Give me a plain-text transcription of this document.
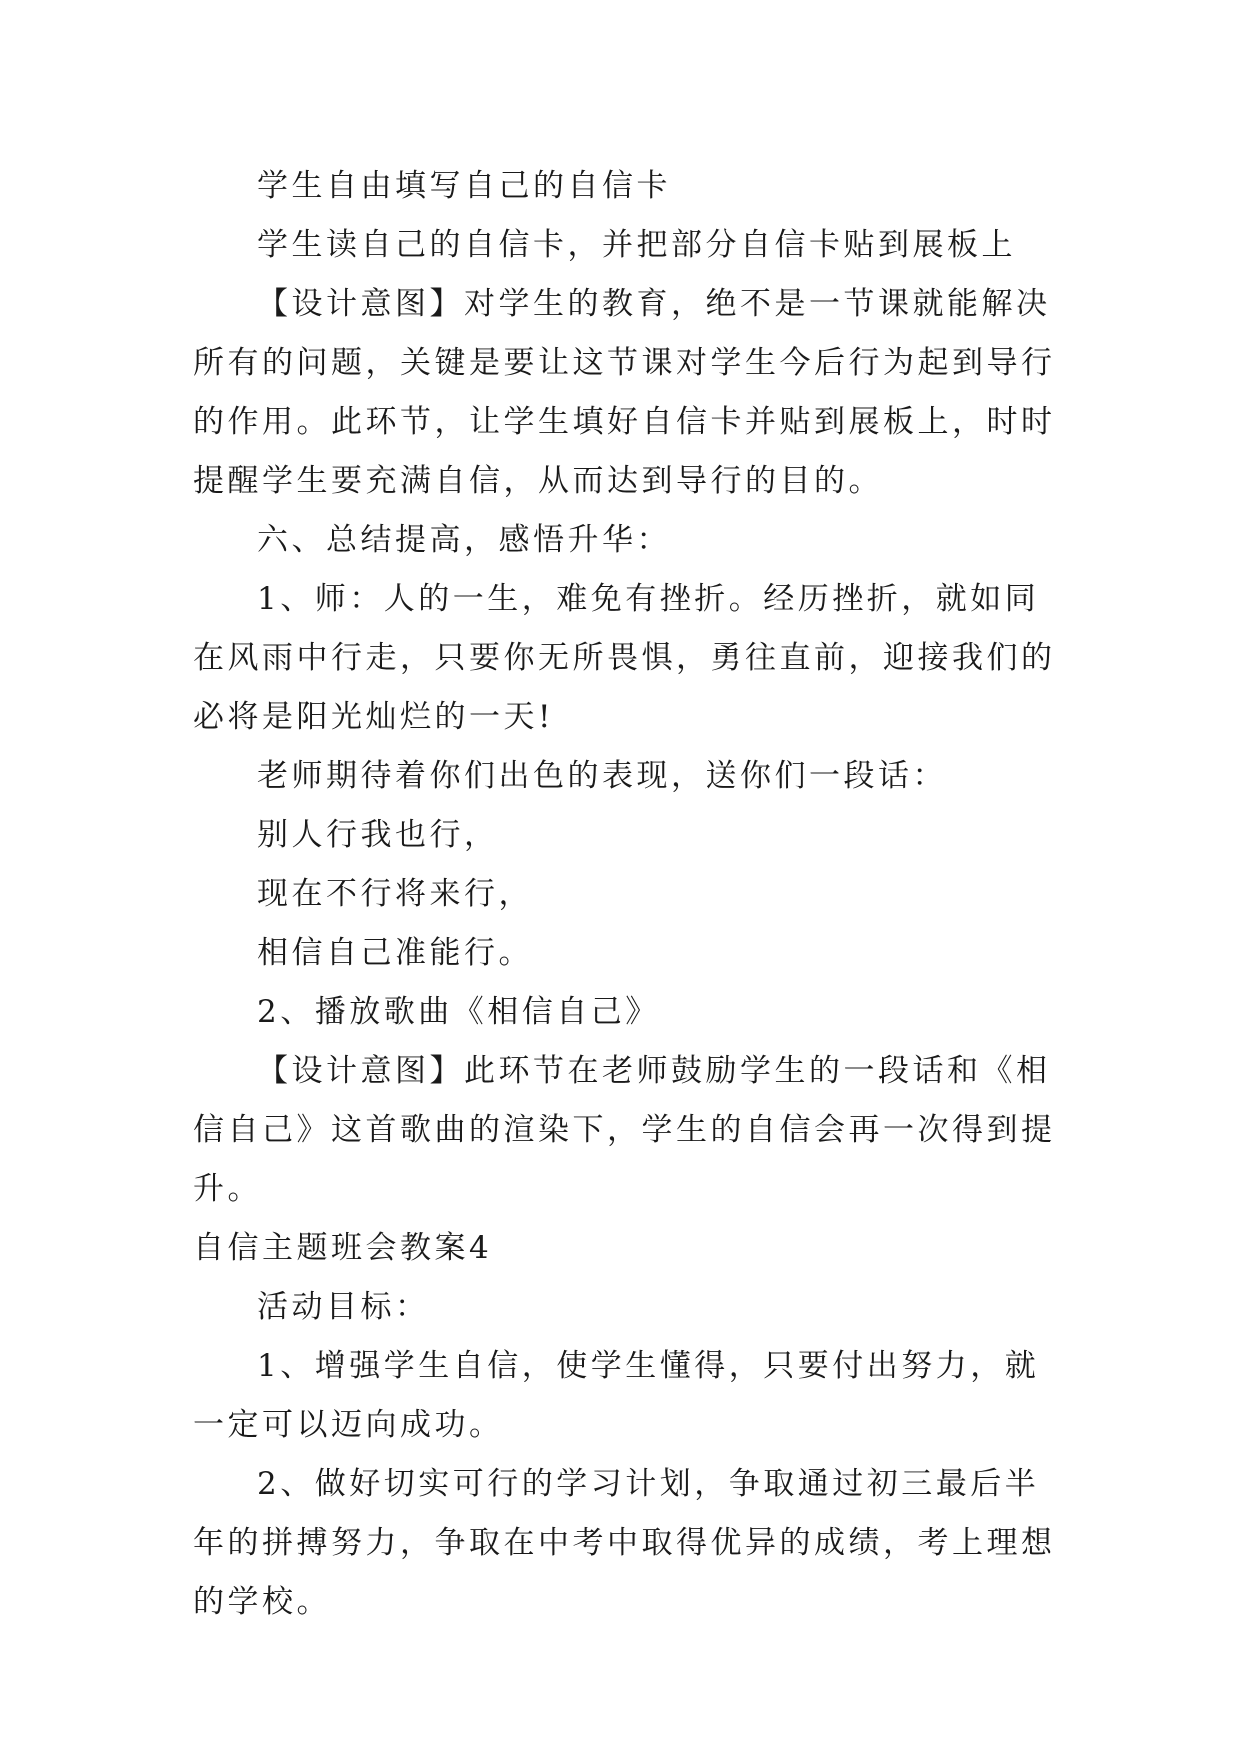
学生自由填写自己的自信卡

学生读自己的自信卡，并把部分自信卡贴到展板上

【设计意图】对学生的教育，绝不是一节课就能解决所有的问题，关键是要让这节课对学生今后行为起到导行的作用。此环节，让学生填好自信卡并贴到展板上，时时提醒学生要充满自信，从而达到导行的目的。

六、总结提高，感悟升华：

1、师：人的一生，难免有挫折。经历挫折，就如同在风雨中行走，只要你无所畏惧，勇往直前，迎接我们的必将是阳光灿烂的一天!

老师期待着你们出色的表现，送你们一段话：

别人行我也行，

现在不行将来行，

相信自己准能行。

2、播放歌曲《相信自己》

【设计意图】此环节在老师鼓励学生的一段话和《相信自己》这首歌曲的渲染下，学生的自信会再一次得到提升。

自信主题班会教案4

活动目标：

1、增强学生自信，使学生懂得，只要付出努力，就一定可以迈向成功。

2、做好切实可行的学习计划，争取通过初三最后半年的拼搏努力，争取在中考中取得优异的成绩，考上理想的学校。
